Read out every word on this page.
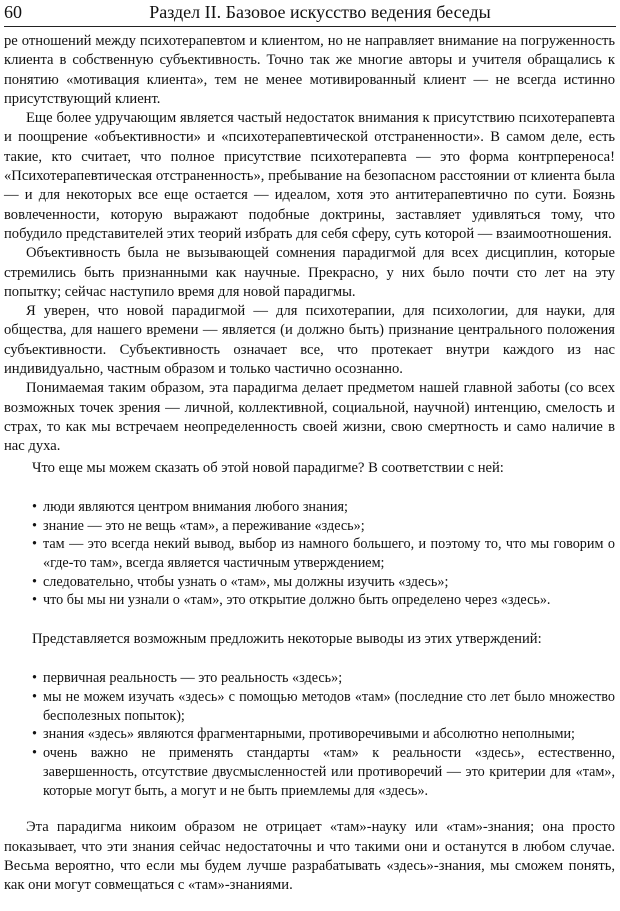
60	Раздел II. Базовое искусство ведения беседы

ре отношений между психотерапевтом и клиентом, но не направляет внимание на погруженность клиента в собственную субъективность. Точно так же многие авторы и учителя обращались к понятию «мотивация клиента», тем не менее мотивированный клиент — не всегда истинно присутствующий клиент.

Еще более удручающим является частый недостаток внимания к присутствию психотерапевта и поощрение «объективности» и «психотерапевтической отстраненности». В самом деле, есть такие, кто считает, что полное присутствие психотерапевта — это форма контрпереноса! «Психотерапевтическая отстраненность», пребывание на безопасном расстоянии от клиента была — и для некоторых все еще остается — идеалом, хотя это антитерапевтично по сути. Боязнь вовлеченности, которую выражают подобные доктрины, заставляет удивляться тому, что побудило представителей этих теорий избрать для себя сферу, суть которой — взаимоотношения.

Объективность была не вызывающей сомнения парадигмой для всех дисциплин, которые стремились быть признанными как научные. Прекрасно, у них было почти сто лет на эту попытку; сейчас наступило время для новой парадигмы.

Я уверен, что новой парадигмой — для психотерапии, для психологии, для науки, для общества, для нашего времени — является (и должно быть) признание центрального положения субъективности. Субъективность означает все, что протекает внутри каждого из нас индивидуально, частным образом и только частично осознанно.

Понимаемая таким образом, эта парадигма делает предметом нашей главной заботы (со всех возможных точек зрения — личной, коллективной, социальной, научной) интенцию, смелость и страх, то как мы встречаем неопределенность своей жизни, свою смертность и само наличие в нас духа.

Что еще мы можем сказать об этой новой парадигме? В соответствии с ней:

• люди являются центром внимания любого знания;
• знание — это не вещь «там», а переживание «здесь»;
• там — это всегда некий вывод, выбор из намного большего, и поэтому то, что мы говорим о «где-то там», всегда является частичным утверждением;
• следовательно, чтобы узнать о «там», мы должны изучить «здесь»;
• что бы мы ни узнали о «там», это открытие должно быть определено через «здесь».

Представляется возможным предложить некоторые выводы из этих утверждений:

• первичная реальность — это реальность «здесь»;
• мы не можем изучать «здесь» с помощью методов «там» (последние сто лет было множество бесполезных попыток);
• знания «здесь» являются фрагментарными, противоречивыми и абсолютно неполными;
• очень важно не применять стандарты «там» к реальности «здесь», естественно, завершенность, отсутствие двусмысленностей или противоречий — это критерии для «там», которые могут быть, а могут и не быть приемлемы для «здесь».

Эта парадигма никоим образом не отрицает «там»-науку или «там»-знания; она просто показывает, что эти знания сейчас недостаточны и что такими они и останутся в любом случае. Весьма вероятно, что если мы будем лучше разрабатывать «здесь»-знания, мы сможем понять, как они могут совмещаться с «там»-знаниями.
